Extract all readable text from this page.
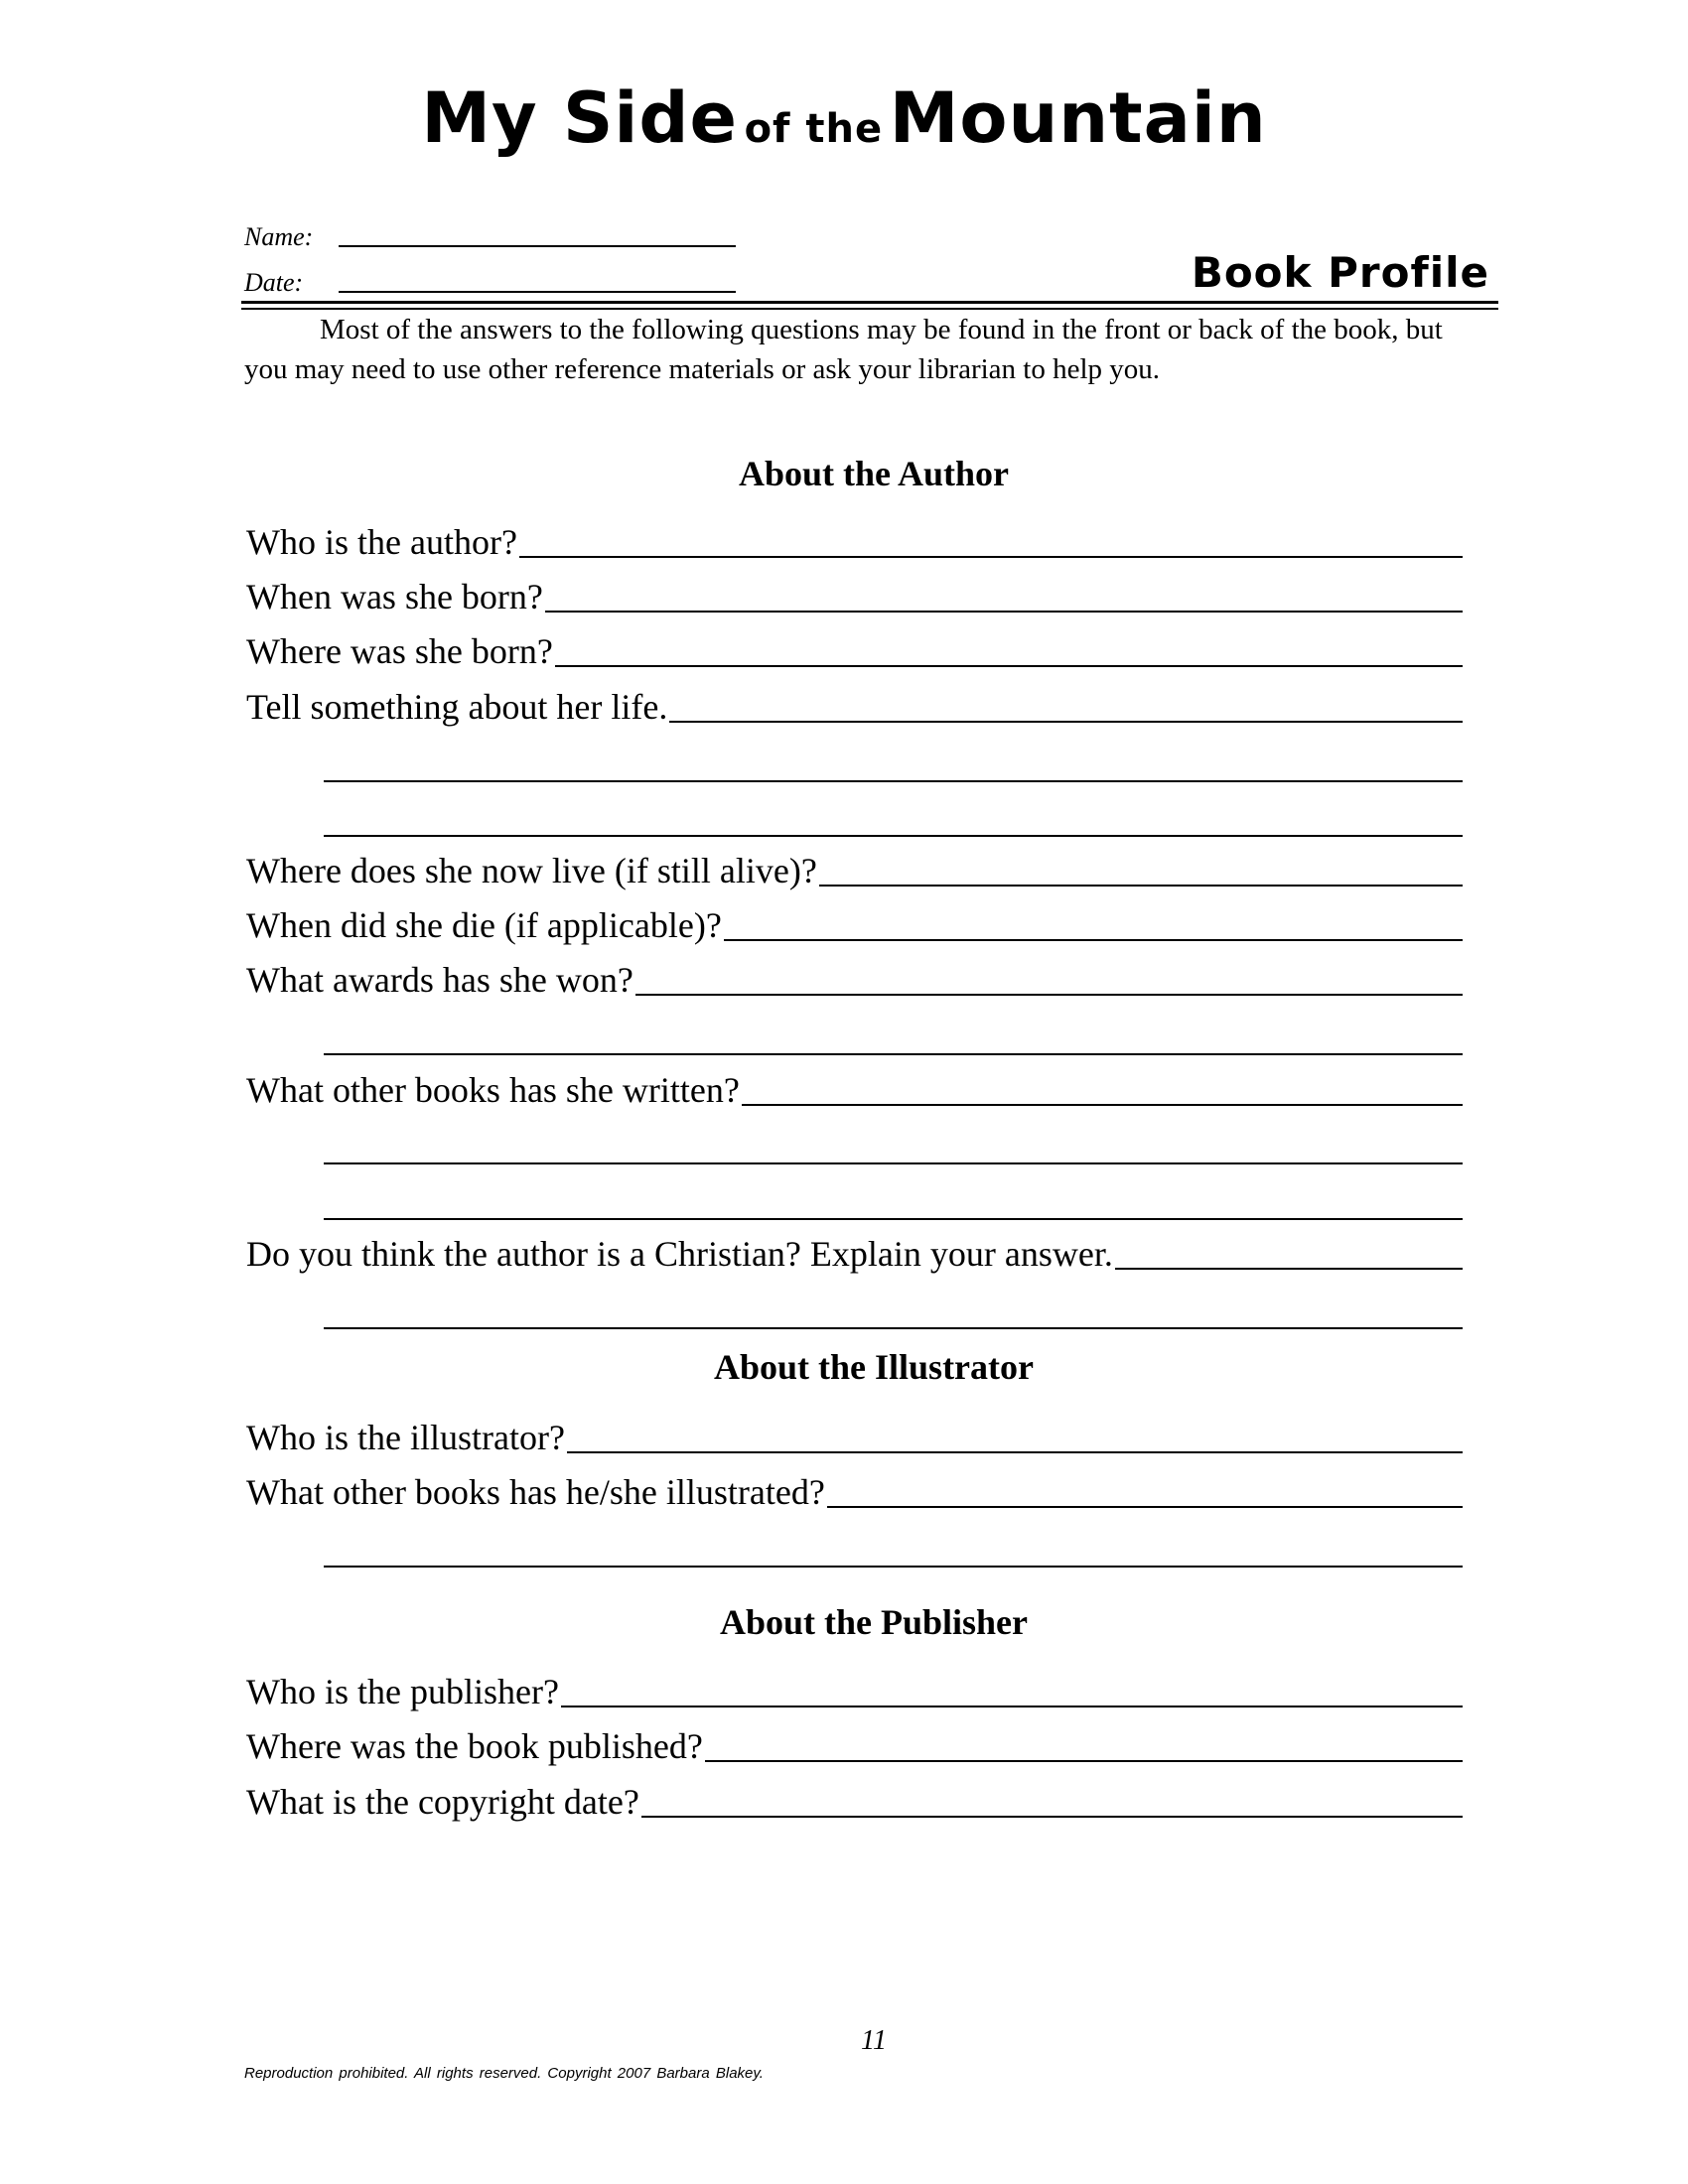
My Side of the Mountain
Name:
Date:	Book Profile

Most of the answers to the following questions may be found in the front or back of the book, but you may need to use other reference materials or ask your librarian to help you.

About the Author
Who is the author?
When was she born?
Where was she born?
Tell something about her life.
Where does she now live (if still alive)?
When did she die (if applicable)?
What awards has she won?
What other books has she written?
Do you think the author is a Christian? Explain your answer.
About the Illustrator
Who is the illustrator?
What other books has he/she illustrated?
About the Publisher
Who is the publisher?
Where was the book published?
What is the copyright date?
11
Reproduction prohibited. All rights reserved. Copyright 2007 Barbara Blakey.
